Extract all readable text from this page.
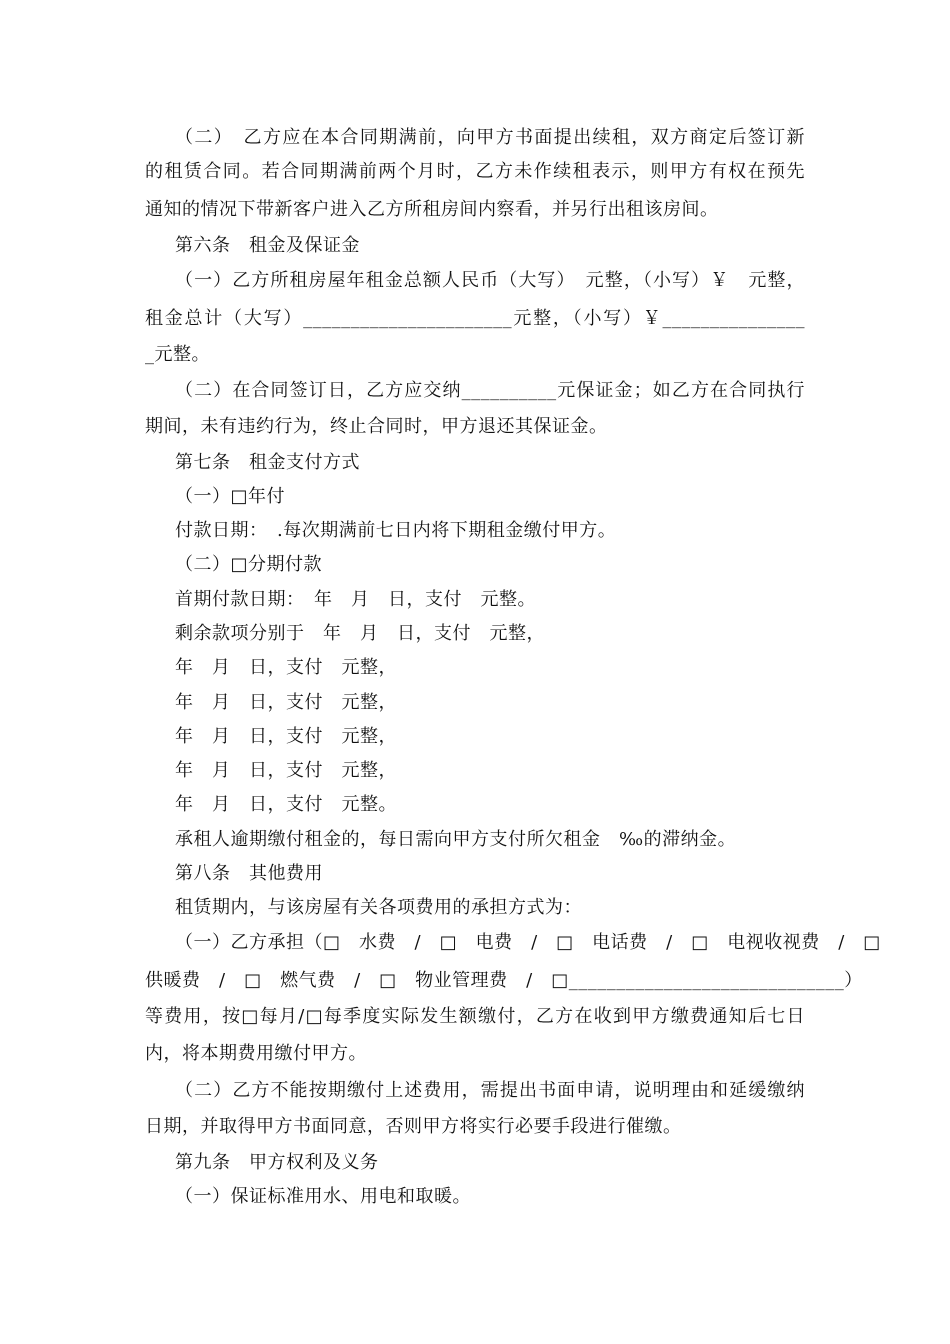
（二）　乙方应在本合同期满前，向甲方书面提出续租，双方商定后签订新
的租赁合同。若合同期满前两个月时，乙方未作续租表示，则甲方有权在预先
通知的情况下带新客户进入乙方所租房间内察看，并另行出租该房间。
第六条　租金及保证金
（一）乙方所租房屋年租金总额人民币（大写）　元整，（小写）￥　元整，
租金总计（大写）______________________元整，（小写）￥_______________
_元整。
（二）在合同签订日，乙方应交纳__________元保证金；如乙方在合同执行
期间，未有违约行为，终止合同时，甲方退还其保证金。
第七条　租金支付方式
（一）□年付
付款日期：　.每次期满前七日内将下期租金缴付甲方。
（二）□分期付款
首期付款日期：　年　月　日，支付　元整。
剩余款项分别于　年　月　日，支付　元整，
年　月　日，支付　元整，
年　月　日，支付　元整，
年　月　日，支付　元整，
年　月　日，支付　元整，
年　月　日，支付　元整。
承租人逾期缴付租金的，每日需向甲方支付所欠租金　‰的滞纳金。
第八条　其他费用
租赁期内，与该房屋有关各项费用的承担方式为：
（一）乙方承担（□　水费　/　□　电费　/　□　电话费　/　□　电视收视费　/　□
供暖费　/　□　燃气费　/　□　物业管理费　/　□_____________________________）
等费用，按□每月/□每季度实际发生额缴付，乙方在收到甲方缴费通知后七日
内，将本期费用缴付甲方。
（二）乙方不能按期缴付上述费用，需提出书面申请，说明理由和延缓缴纳
日期，并取得甲方书面同意，否则甲方将实行必要手段进行催缴。
第九条　甲方权利及义务
（一）保证标准用水、用电和取暖。
